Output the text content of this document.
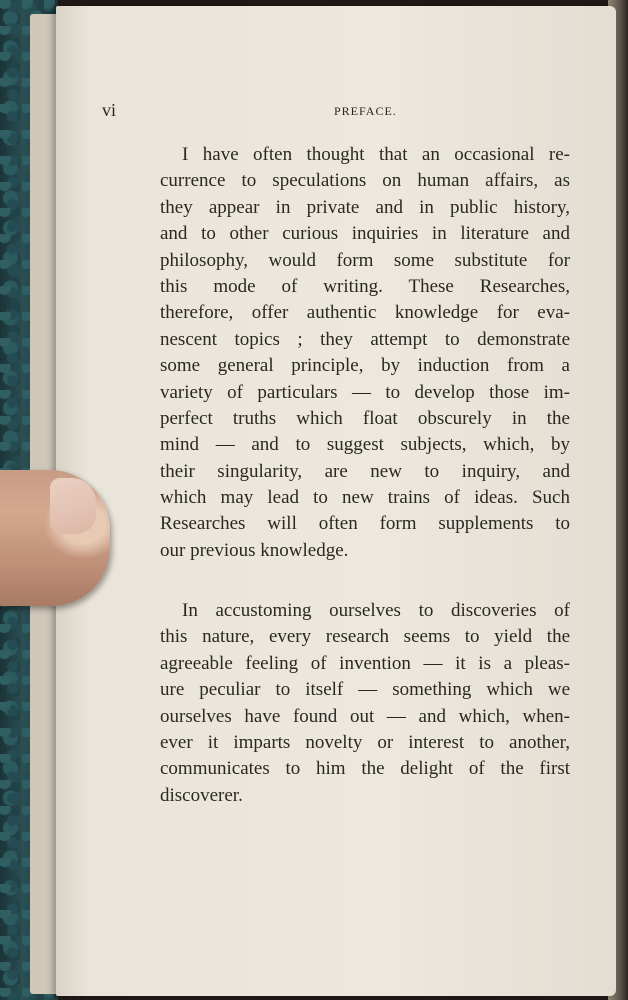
vi	PREFACE.
I have often thought that an occasional re-
currence to speculations on human affairs, as
they appear in private and in public history,
and to other curious inquiries in literature and
philosophy, would form some substitute for
this mode of writing. These Researches,
therefore, offer authentic knowledge for eva-
nescent topics ; they attempt to demonstrate
some general principle, by induction from a
variety of particulars — to develop those im-
perfect truths which float obscurely in the
mind — and to suggest subjects, which, by
their singularity, are new to inquiry, and
which may lead to new trains of ideas. Such
Researches will often form supplements to
our previous knowledge.
In accustoming ourselves to discoveries of
this nature, every research seems to yield the
agreeable feeling of invention — it is a pleas-
ure peculiar to itself — something which we
ourselves have found out — and which, when-
ever it imparts novelty or interest to another,
communicates to him the delight of the first
discoverer.
